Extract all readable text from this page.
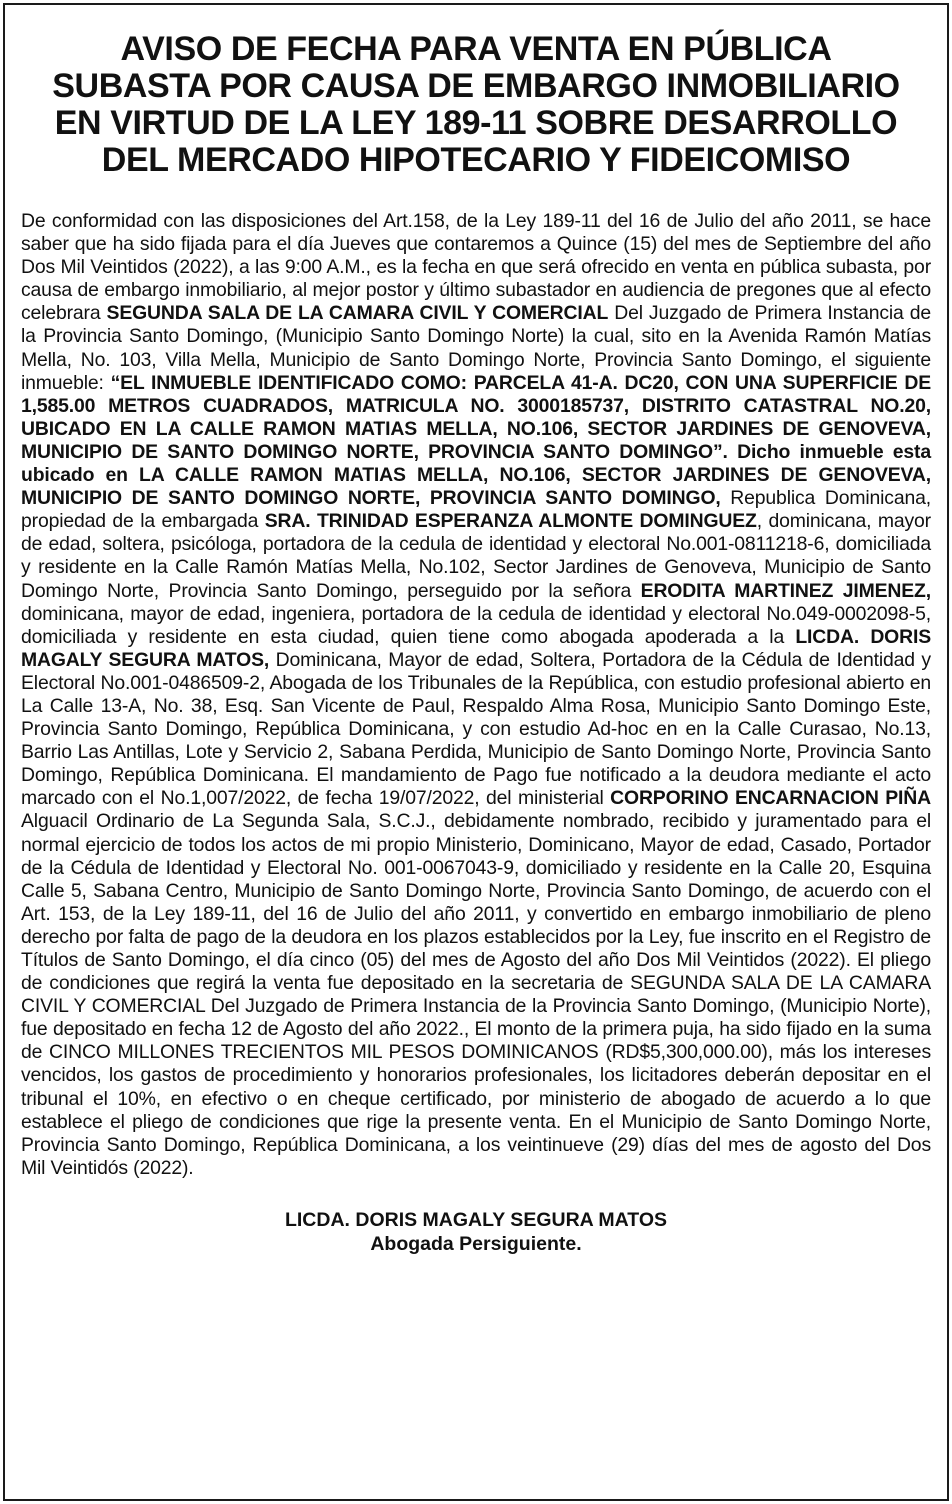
AVISO DE FECHA PARA VENTA EN PÚBLICA
SUBASTA POR CAUSA DE EMBARGO INMOBILIARIO
EN VIRTUD DE LA LEY 189-11 SOBRE DESARROLLO
DEL MERCADO HIPOTECARIO Y FIDEICOMISO

De conformidad con las disposiciones del Art.158, de la Ley 189-11 del 16 de Julio del año 2011, se hace saber que ha sido fijada para el día Jueves que contaremos a Quince (15) del mes de Septiembre del año Dos Mil Veintidos (2022), a las 9:00 A.M., es la fecha en que será ofrecido en venta en pública subasta, por causa de embargo inmobiliario, al mejor postor y último subastador en audiencia de pregones que al efecto celebrara SEGUNDA SALA DE LA CAMARA CIVIL Y COMERCIAL Del Juzgado de Primera Instancia de la Provincia Santo Domingo, (Municipio Santo Domingo Norte) la cual, sito en la Avenida Ramón Matías Mella, No. 103, Villa Mella, Municipio de Santo Domingo Norte, Provincia Santo Domingo, el siguiente inmueble: “EL INMUEBLE IDENTIFICADO COMO: PARCELA 41-A. DC20, CON UNA SUPERFICIE DE 1,585.00 METROS CUADRADOS, MATRICULA NO. 3000185737, DISTRITO CATASTRAL NO.20, UBICADO EN LA CALLE RAMON MATIAS MELLA, NO.106, SECTOR JARDINES DE GENOVEVA, MUNICIPIO DE SANTO DOMINGO NORTE, PROVINCIA SANTO DOMINGO”. Dicho inmueble esta ubicado en LA CALLE RAMON MATIAS MELLA, NO.106, SECTOR JARDINES DE GENOVEVA, MUNICIPIO DE SANTO DOMINGO NORTE, PROVINCIA SANTO DOMINGO, Republica Dominicana, propiedad de la embargada SRA. TRINIDAD ESPERANZA ALMONTE DOMINGUEZ, dominicana, mayor de edad, soltera, psicóloga, portadora de la cedula de identidad y electoral No.001-0811218-6, domiciliada y residente en la Calle Ramón Matías Mella, No.102, Sector Jardines de Genoveva, Municipio de Santo Domingo Norte, Provincia Santo Domingo, perseguido por la señora ERODITA MARTINEZ JIMENEZ, dominicana, mayor de edad, ingeniera, portadora de la cedula de identidad y electoral No.049-0002098-5, domiciliada y residente en esta ciudad, quien tiene como abogada apoderada a la LICDA. DORIS MAGALY SEGURA MATOS, Dominicana, Mayor de edad, Soltera, Portadora de la Cédula de Identidad y Electoral No.001-0486509-2, Abogada de los Tribunales de la República, con estudio profesional abierto en La Calle 13-A, No. 38, Esq. San Vicente de Paul, Respaldo Alma Rosa, Municipio Santo Domingo Este, Provincia Santo Domingo, República Dominicana, y con estudio Ad-hoc en en la Calle Curasao, No.13, Barrio Las Antillas, Lote y Servicio 2, Sabana Perdida, Municipio de Santo Domingo Norte, Provincia Santo Domingo, República Dominicana. El mandamiento de Pago fue notificado a la deudora mediante el acto marcado con el No.1,007/2022, de fecha 19/07/2022, del ministerial CORPORINO ENCARNACION PIÑA Alguacil Ordinario de La Segunda Sala, S.C.J., debidamente nombrado, recibido y juramentado para el normal ejercicio de todos los actos de mi propio Ministerio, Dominicano, Mayor de edad, Casado, Portador de la Cédula de Identidad y Electoral No. 001-0067043-9, domiciliado y residente en la Calle 20, Esquina Calle 5, Sabana Centro, Municipio de Santo Domingo Norte, Provincia Santo Domingo, de acuerdo con el Art. 153, de la Ley 189-11, del 16 de Julio del año 2011, y convertido en embargo inmobiliario de pleno derecho por falta de pago de la deudora en los plazos establecidos por la Ley, fue inscrito en el Registro de Títulos de Santo Domingo, el día cinco (05) del mes de Agosto del año Dos Mil Veintidos (2022). El pliego de condiciones que regirá la venta fue depositado en la secretaria de SEGUNDA SALA DE LA CAMARA CIVIL Y COMERCIAL Del Juzgado de Primera Instancia de la Provincia Santo Domingo, (Municipio Norte), fue depositado en fecha 12 de Agosto del año 2022., El monto de la primera puja, ha sido fijado en la suma de CINCO MILLONES TRECIENTOS MIL PESOS DOMINICANOS (RD$5,300,000.00), más los intereses vencidos, los gastos de procedimiento y honorarios profesionales, los licitadores deberán depositar en el tribunal el 10%, en efectivo o en cheque certificado, por ministerio de abogado de acuerdo a lo que establece el pliego de condiciones que rige la presente venta. En el Municipio de Santo Domingo Norte, Provincia Santo Domingo, República Dominicana, a los veintinueve (29) días del mes de agosto del Dos Mil Veintidós (2022).

LICDA. DORIS MAGALY SEGURA MATOS
Abogada Persiguiente.
